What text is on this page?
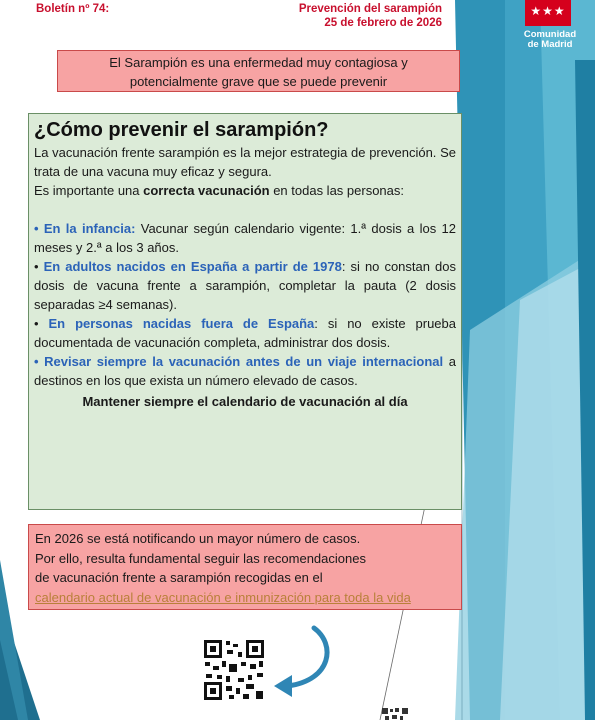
Boletín nº 74:	Prevención del sarampión
25 de febrero de 2026
★★★
Comunidad
de Madrid
El Sarampión es una enfermedad muy contagiosa y
potencialmente grave que se puede prevenir
¿Cómo prevenir el sarampión?

La vacunación frente sarampión es la mejor estrategia de prevención. Se trata de una vacuna muy eficaz y segura.

Es importante una correcta vacunación en todas las personas:

• En la infancia: Vacunar según calendario vigente: 1.ª dosis a los 12 meses y 2.ª a los 3 años.

• En adultos nacidos en España a partir de 1978: si no constan dos dosis de vacuna frente a sarampión, completar la pauta (2 dosis separadas ≥4 semanas).

• En personas nacidas fuera de España: si no existe prueba documentada de vacunación completa, administrar dos dosis.

• Revisar siempre la vacunación antes de un viaje internacional a destinos en los que exista un número elevado de casos.

Mantener siempre el calendario de vacunación al día

En 2026 se está notificando un mayor número de casos.
Por ello, resulta fundamental seguir las recomendaciones
de vacunación frente a sarampión recogidas en el
calendario actual de vacunación e inmunización para toda la vida
